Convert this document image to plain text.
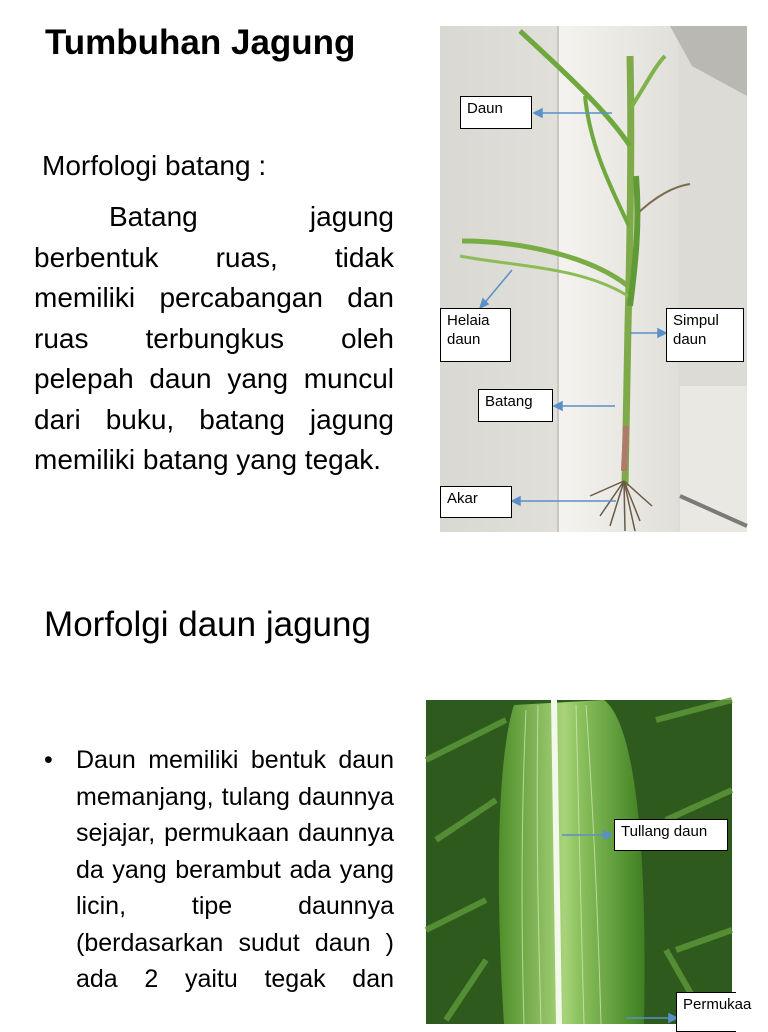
Tumbuhan Jagung
Morfologi batang :
Batang jagung berbentuk ruas, tidak memiliki percabangan dan ruas terbungkus oleh pelepah daun yang muncul dari buku, batang jagung memiliki batang yang tegak.
Daun
Helaia
daun
Simpul
daun
Batang
Akar
Morfolgi daun jagung
• Daun memiliki bentuk daun memanjang, tulang daunnya sejajar, permukaan daunnya da yang berambut ada yang licin, tipe daunnya (berdasarkan sudut daun ) ada 2 yaitu tegak dan
Tullang daun
Permukaa
